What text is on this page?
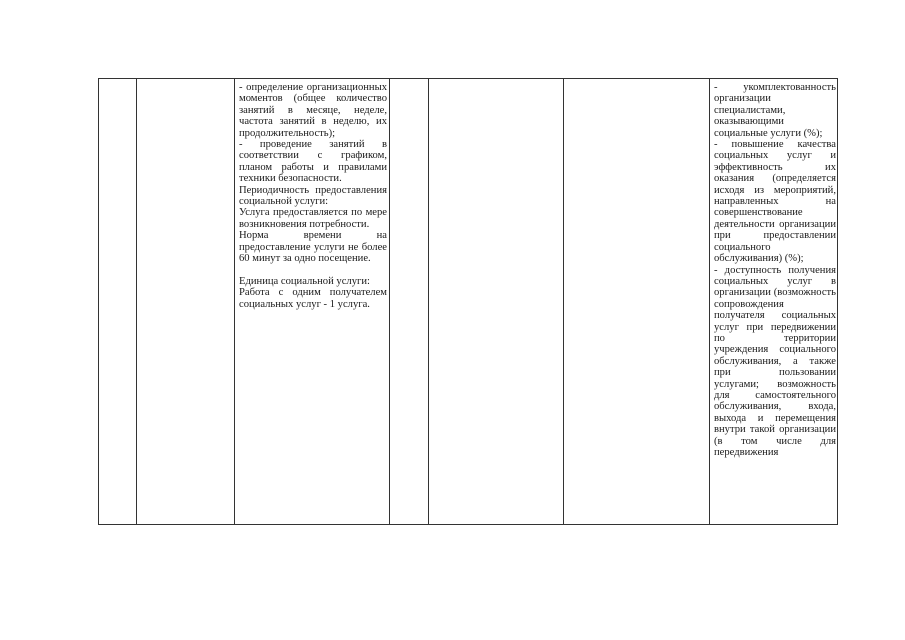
- определение организационных моментов (общее количество занятий в месяце, неделе, частота занятий в неделю, их продолжительность);

- проведение занятий в соответствии с графиком, планом работы и правилами техники безопасности.

Периодичность предоставления социальной услуги:

Услуга предоставляется по мере возникновения потребности.

Норма времени на предоставление услуги не более 60 минут за одно посещение.

Единица социальной услуги:

Работа с одним получателем социальных услуг - 1 услуга.

- укомплектованность организации специалистами, оказывающими социальные услуги (%);

- повышение качества социальных услуг и эффективность их оказания (определяется исходя из мероприятий, направленных на совершенствование деятельности организации при предоставлении социального обслуживания) (%);

- доступность получения социальных услуг в организации (возможность сопровождения получателя социальных услуг при передвижении по территории учреждения социального обслуживания, а также при пользовании услугами; возможность для самостоятельного обслуживания, входа, выхода и перемещения внутри такой организации (в том числе для передвижения
